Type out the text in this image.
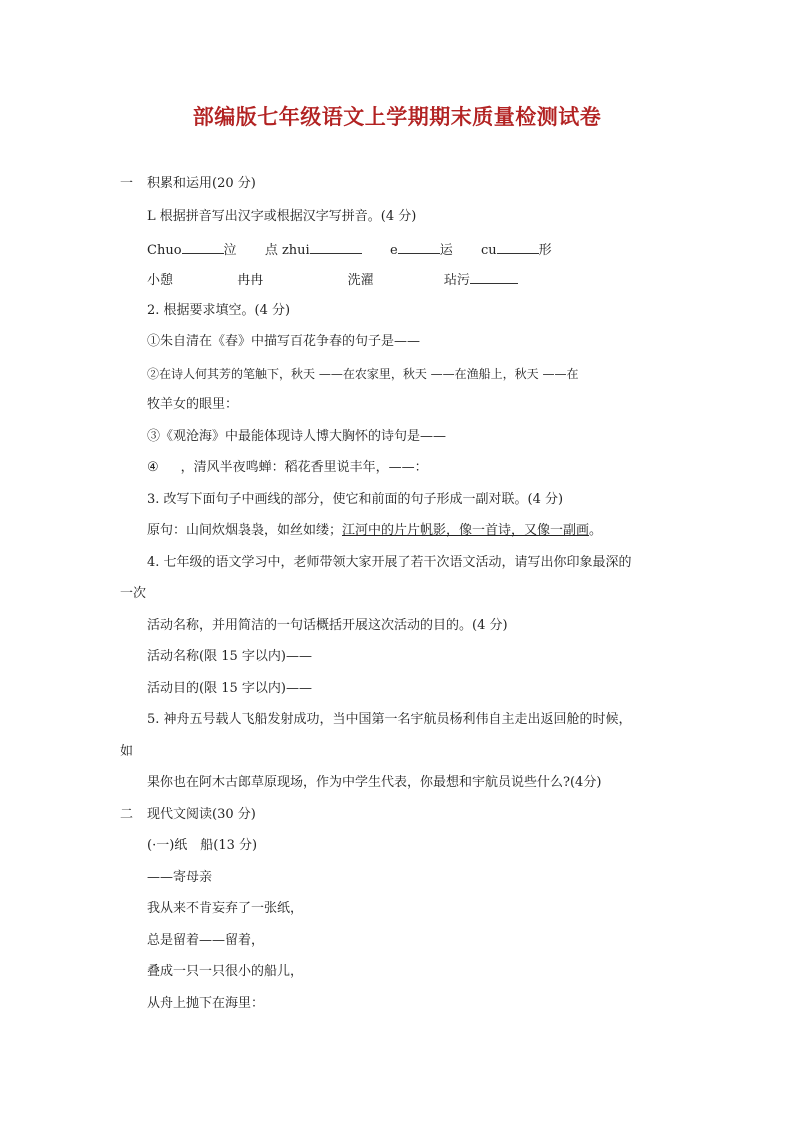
部编版七年级语文上学期期末质量检测试卷
一 积累和运用(20 分)
L 根据拼音写出汉字或根据汉字写拼音。(4 分)
Chuo	泣 点 zhui	e	运 cu	形
小憩	冉冉	洗濯	玷污
2. 根据要求填空。(4 分)
①朱自清在《春》中描写百花争春的句子是——
②在诗人何其芳的笔触下，秋天 ——在农家里，秋天 ——在渔船上，秋天 ——在
牧羊女的眼里：
③《观沧海》中最能体现诗人博大胸怀的诗句是——
④ ，清风半夜鸣蝉：稻花香里说丰年，——：
3. 改写下面句子中画线的部分，使它和前面的句子形成一副对联。(4 分)
原句：山间炊烟袅袅，如丝如缕；江河中的片片帆影，像一首诗，又像一副画。
4. 七年级的语文学习中，老师带领大家开展了若干次语文活动，请写出你印象最深的
一次
活动名称，并用简洁的一句话概括开展这次活动的目的。(4 分)
活动名称(限 15 字以内)——
活动目的(限 15 字以内)——
5. 神舟五号载人飞船发射成功，当中国第一名宇航员杨利伟自主走出返回舱的时候，
如
果你也在阿木古郎草原现场，作为中学生代表，你最想和宇航员说些什么?(4分)
二 现代文阅读(30 分)
(·一)纸　船(13 分)
——寄母亲
我从来不肯妄弃了一张纸，
总是留着——留着，
叠成一只一只很小的船儿，
从舟上抛下在海里：
